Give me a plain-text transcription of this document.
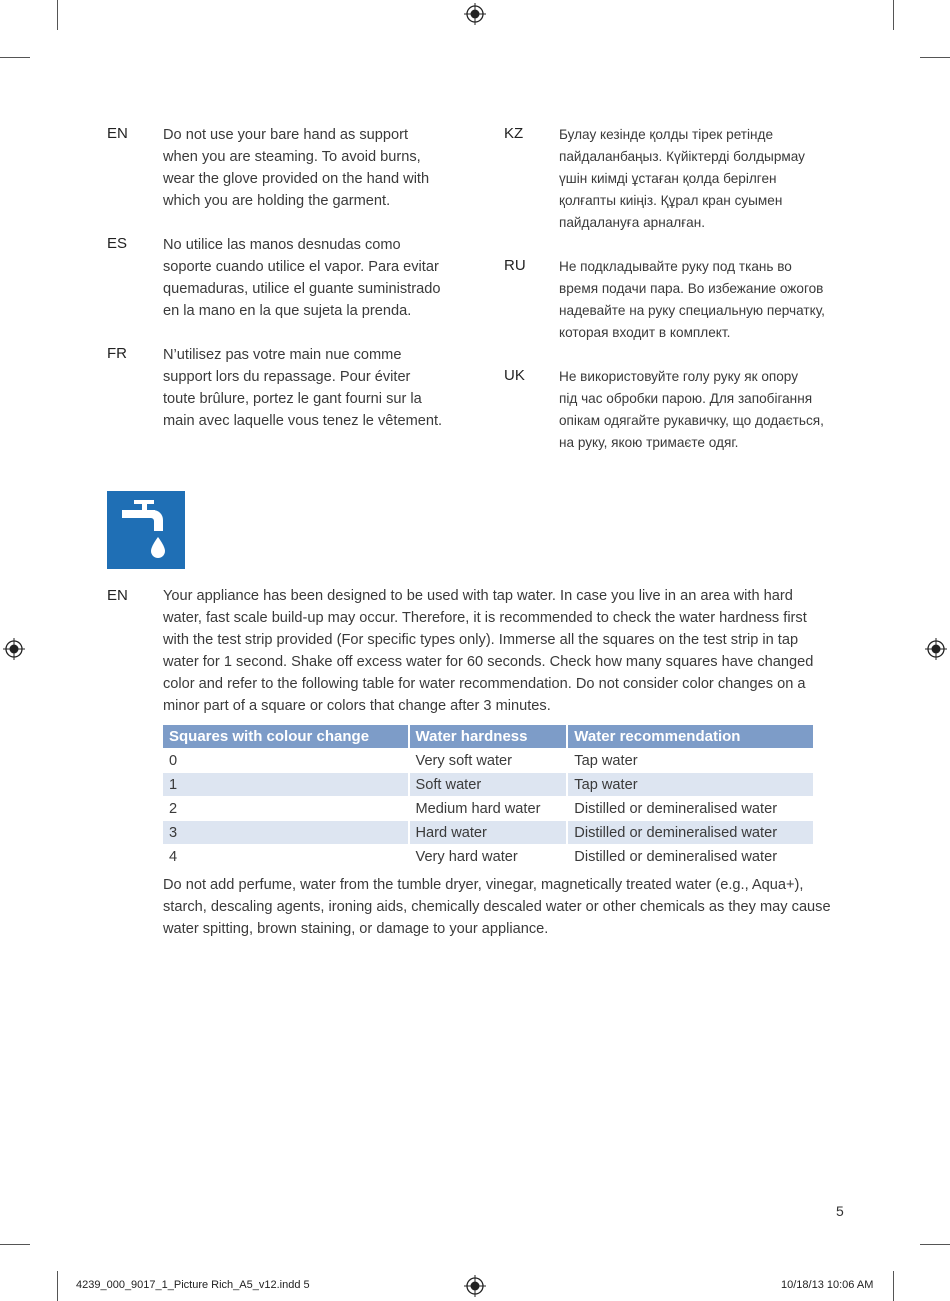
EN Do not use your bare hand as support
when you are steaming. To avoid burns,
wear the glove provided on the hand with
which you are holding the garment.
ES No utilice las manos desnudas como
soporte cuando utilice el vapor. Para evitar
quemaduras, utilice el guante suministrado
en la mano en la que sujeta la prenda.
FR N’utilisez pas votre main nue comme
support lors du repassage. Pour éviter
toute brûlure, portez le gant fourni sur la
main avec laquelle vous tenez le vêtement.
KZ	Булау кезінде қолды тірек ретінде
пайдаланбаңыз. Күйіктерді болдырмау
үшін киімді ұстаған қолда берілген
қолғапты киіңіз. Құрал кран суымен
пайдалануға арналған.
RU Не подкладывайте руку под ткань во
время подачи пара. Во избежание ожогов
надевайте на руку специальную перчатку,
которая входит в комплект.
UK	Не використовуйте голу руку як опору
під час обробки парою. Для запобігання
опікам одягайте рукавичку, що додається,
на руку, якою тримаєте одяг.
EN Your appliance has been designed to be used with tap water. In case you live in an area with hard
water, fast scale build-up may occur. Therefore, it is recommended to check the water hardness first
with the test strip provided (For specific types only). Immerse all the squares on the test strip in tap
water for 1 second. Shake off excess water for 60 seconds. Check how many squares have changed
color and refer to the following table for water recommendation. Do not consider color changes on a
minor part of a square or colors that change after 3 minutes.
Squares with colour change	Water hardness	Water recommendation
0	Very soft water	Tap water
1	Soft water	Tap water
2	Medium hard water	Distilled or demineralised water
3	Hard water	Distilled or demineralised water
4	Very hard water	Distilled or demineralised water
Do not add perfume, water from the tumble dryer, vinegar, magnetically treated water (e.g., Aqua+),
starch, descaling agents, ironing aids, chemically descaled water or other chemicals as they may cause
water spitting, brown staining, or damage to your appliance.
5
4239_000_9017_1_Picture Rich_A5_v12.indd 5	10/18/13 10:06 AM
